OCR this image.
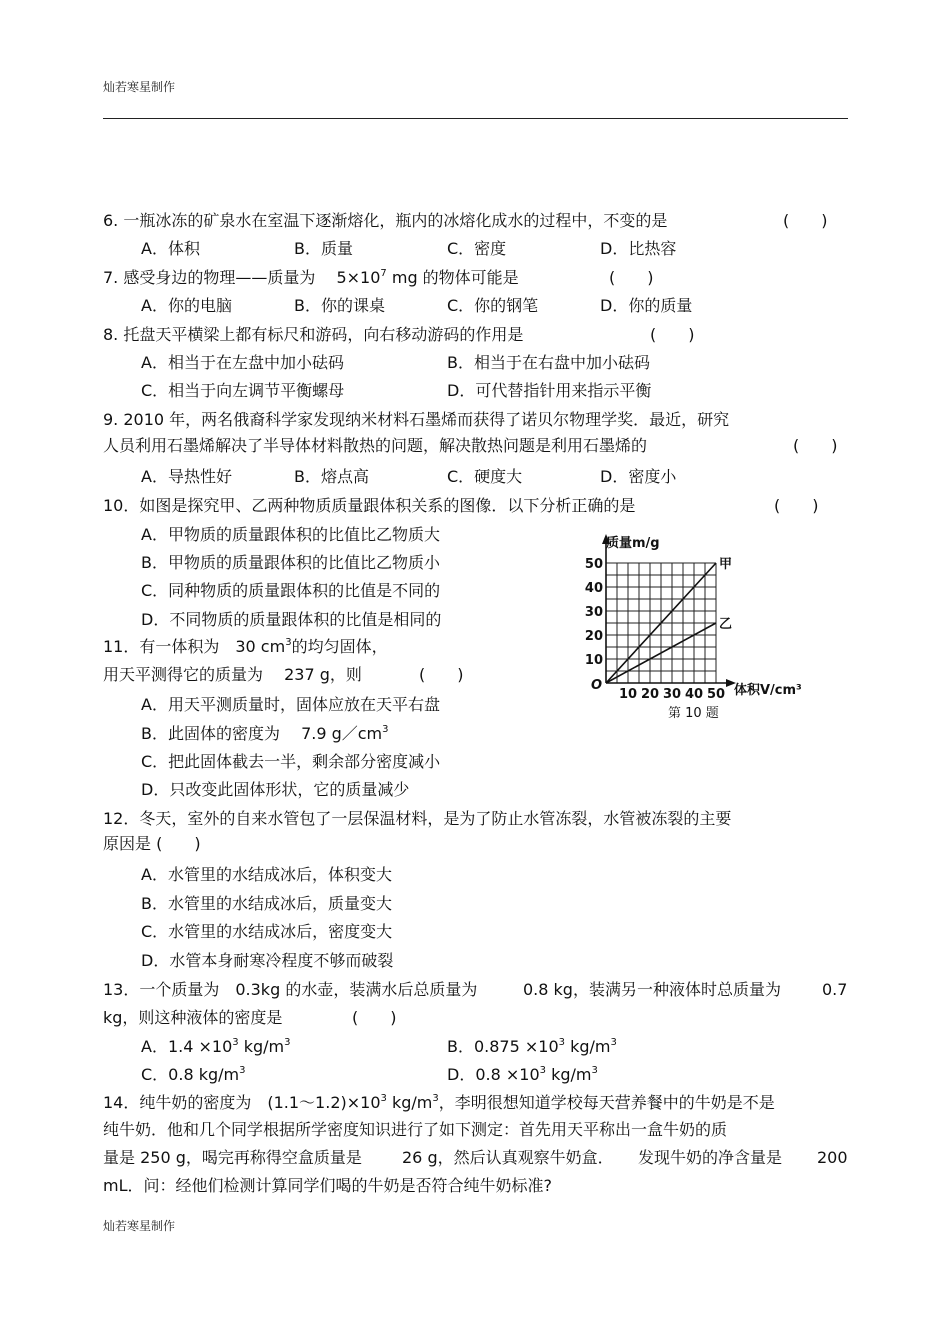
灿若寒星制作
6. 一瓶冰冻的矿泉水在室温下逐渐熔化，瓶内的冰熔化成水的过程中，不变的是	(　　)
A．体积	B．质量	C．密度	D．比热容
7. 感受身边的物理——质量为　 $5\times 10^7$ mg 的物体可能是	(　　)
A．你的电脑	B．你的课桌	C．你的钢笔	D．你的质量
8. 托盘天平横梁上都有标尺和游码，向右移动游码的作用是	(　　)
A．相当于在左盘中加小砝码	B．相当于在右盘中加小砝码
C．相当于向左调节平衡螺母	D．可代替指针用来指示平衡
9. 2010 年，两名俄裔科学家发现纳米材料石墨烯而获得了诺贝尔物理学奖．最近，研究
人员利用石墨烯解决了半导体材料散热的问题，解决散热问题是利用石墨烯的	(　　)
A．导热性好	B．熔点高	C．硬度大	D．密度小
10．如图是探究甲、乙两种物质质量跟体积关系的图像．以下分析正确的是	(　　)
A．甲物质的质量跟体积的比值比乙物质大
B．甲物质的质量跟体积的比值比乙物质小
C．同种物质的质量跟体积的比值是不同的
D．不同物质的质量跟体积的比值是相同的
甲
乙
10
20
30
40
50
10 20 30 40 50
质量m/g
体积V/cm³
O
第 10 题
11．有一体积为　30 $cm^3$的均匀固体，
用天平测得它的质量为　 237 g，则	(　　)
A．用天平测质量时，固体应放在天平右盘
B．此固体的密度为　 7.9 $g/cm^3$
C．把此固体截去一半，剩余部分密度减小
D．只改变此固体形状，它的质量减少
12．冬天，室外的自来水管包了一层保温材料，是为了防止水管冻裂，水管被冻裂的主要
原因是 (　　)
A．水管里的水结成冰后，体积变大
B．水管里的水结成冰后，质量变大
C．水管里的水结成冰后，密度变大
D．水管本身耐寒冷程度不够而破裂
13．一个质量为　0.3kg 的水壶，装满水后总质量为	0.8 kg，装满另一种液体时总质量为	0.7
kg，则这种液体的密度是	(　　)
A．$1.4 \times 10^3$ $kg/m^3$	B．$0.875 \times 10^3$ $kg/m^3$
C．0.8 $kg/m^3$	D．$0.8 \times 10^3$ $kg/m^3$
14．纯牛奶的密度为　$(1.1\sim 1.2)\times 10^3$ $kg/m^3$，李明很想知道学校每天营养餐中的牛奶是不是
纯牛奶．他和几个同学根据所学密度知识进行了如下测定：首先用天平称出一盒牛奶的质
量是 250 g，喝完再称得空盒质量是	26 g，然后认真观察牛奶盒． 发现牛奶的净含量是 200
mL．问：经他们检测计算同学们喝的牛奶是否符合纯牛奶标准?
灿若寒星制作
